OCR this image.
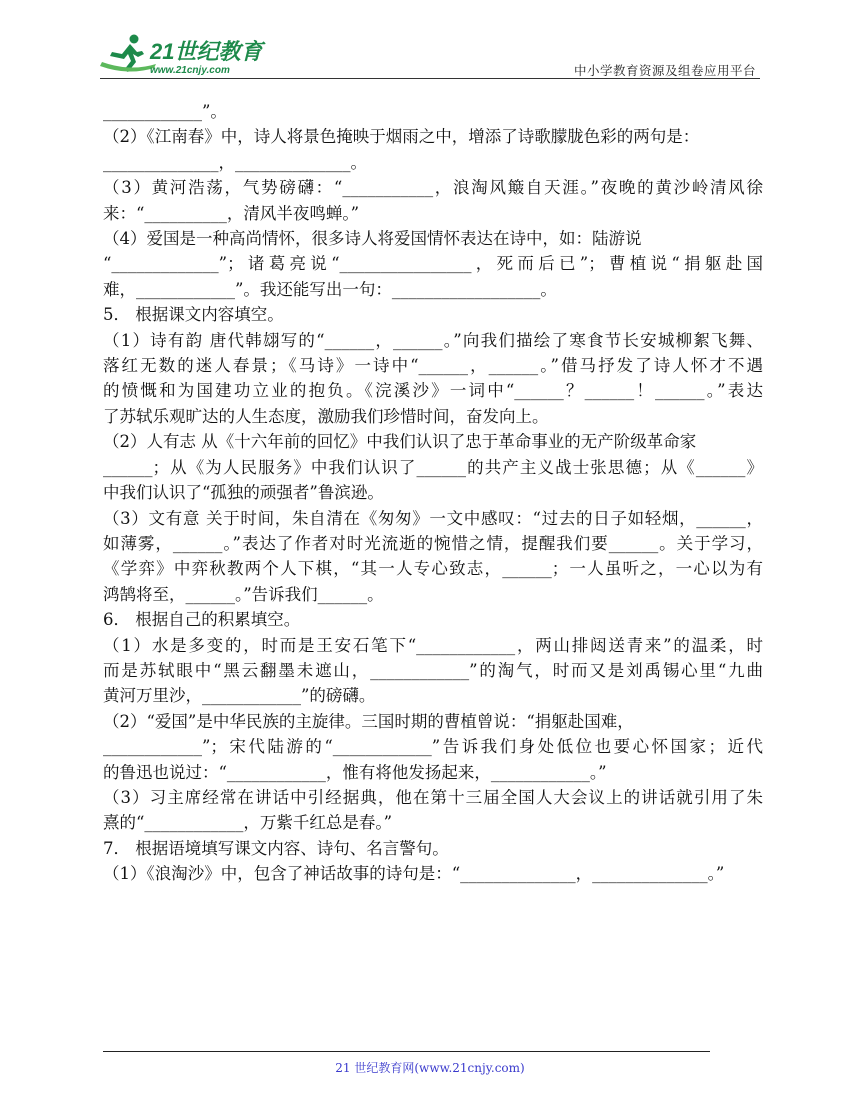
21世纪教育
www.21cnjy.com	中小学教育资源及组卷应用平台

____________”。

（2）《江南春》中，诗人将景色掩映于烟雨之中，增添了诗歌朦胧色彩的两句是：

______________，______________。

（3）黄河浩荡，气势磅礴：“___________，浪淘风簸自天涯。”夜晚的黄沙岭清风徐

来：“__________，清风半夜鸣蝉。”

（4）爱国是一种高尚情怀，很多诗人将爱国情怀表达在诗中，如：陆游说

“_____________”；诸葛亮说“________________，死而后已”；曹植说“捐躯赴国

难，____________”。我还能写出一句：__________________。

5． 根据课文内容填空。

（1）诗有韵 唐代韩翃写的“______，______。”向我们描绘了寒食节长安城柳絮飞舞、

落红无数的迷人春景；《马诗》一诗中“______，______。”借马抒发了诗人怀才不遇

的愤慨和为国建功立业的抱负。《浣溪沙》一词中“______？______！______。”表达

了苏轼乐观旷达的人生态度，激励我们珍惜时间，奋发向上。

（2）人有志 从《十六年前的回忆》中我们认识了忠于革命事业的无产阶级革命家

______；从《为人民服务》中我们认识了______的共产主义战士张思德；从《______》

中我们认识了“孤独的顽强者”鲁滨逊。

（3）文有意 关于时间，朱自清在《匆匆》一文中感叹：“过去的日子如轻烟，______，

如薄雾，______。”表达了作者对时光流逝的惋惜之情，提醒我们要______。关于学习，

《学弈》中弈秋教两个人下棋，“其一人专心致志，______；一人虽听之，一心以为有

鸿鹄将至，______。”告诉我们______。

6． 根据自己的积累填空。

（1）水是多变的，时而是王安石笔下“____________，两山排闼送青来”的温柔，时

而是苏轼眼中“黑云翻墨未遮山，____________”的淘气，时而又是刘禹锡心里“九曲

黄河万里沙，____________”的磅礴。

（2）“爱国”是中华民族的主旋律。三国时期的曹植曾说：“捐躯赴国难，

____________”；宋代陆游的“____________”告诉我们身处低位也要心怀国家；近代

的鲁迅也说过：“____________，惟有将他发扬起来，____________。”

（3）习主席经常在讲话中引经据典，他在第十三届全国人大会议上的讲话就引用了朱

熹的“____________，万紫千红总是春。”

7． 根据语境填写课文内容、诗句、名言警句。

（1）《浪淘沙》中，包含了神话故事的诗句是：“______________，______________。”

21 世纪教育网(www.21cnjy.com)
